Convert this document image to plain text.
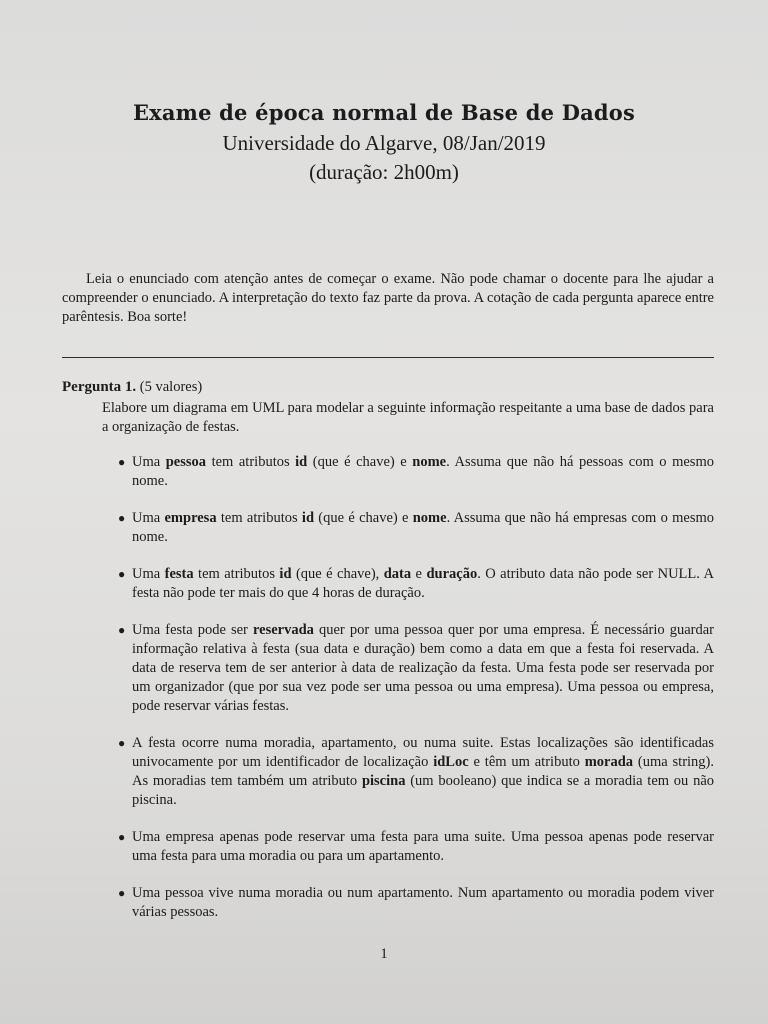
Exame de época normal de Base de Dados

Universidade do Algarve, 08/Jan/2019

(duração: 2h00m)

Leia o enunciado com atenção antes de começar o exame. Não pode chamar o docente para lhe ajudar a compreender o enunciado. A interpretação do texto faz parte da prova. A cotação de cada pergunta aparece entre parêntesis. Boa sorte!

Pergunta 1. (5 valores)

Elabore um diagrama em UML para modelar a seguinte informação respeitante a uma base de dados para a organização de festas.

● Uma pessoa tem atributos id (que é chave) e nome. Assuma que não há pessoas com o mesmo nome.
● Uma empresa tem atributos id (que é chave) e nome. Assuma que não há empresas com o mesmo nome.
● Uma festa tem atributos id (que é chave), data e duração. O atributo data não pode ser NULL. A festa não pode ter mais do que 4 horas de duração.
● Uma festa pode ser reservada quer por uma pessoa quer por uma empresa. É necessário guardar informação relativa à festa (sua data e duração) bem como a data em que a festa foi reservada. A data de reserva tem de ser anterior à data de realização da festa. Uma festa pode ser reservada por um organizador (que por sua vez pode ser uma pessoa ou uma empresa). Uma pessoa ou empresa, pode reservar várias festas.
● A festa ocorre numa moradia, apartamento, ou numa suite. Estas localizações são identificadas univocamente por um identificador de localização idLoc e têm um atributo morada (uma string). As moradias tem também um atributo piscina (um booleano) que indica se a moradia tem ou não piscina.
● Uma empresa apenas pode reservar uma festa para uma suite. Uma pessoa apenas pode reservar uma festa para uma moradia ou para um apartamento.
● Uma pessoa vive numa moradia ou num apartamento. Num apartamento ou moradia podem viver várias pessoas.
1
